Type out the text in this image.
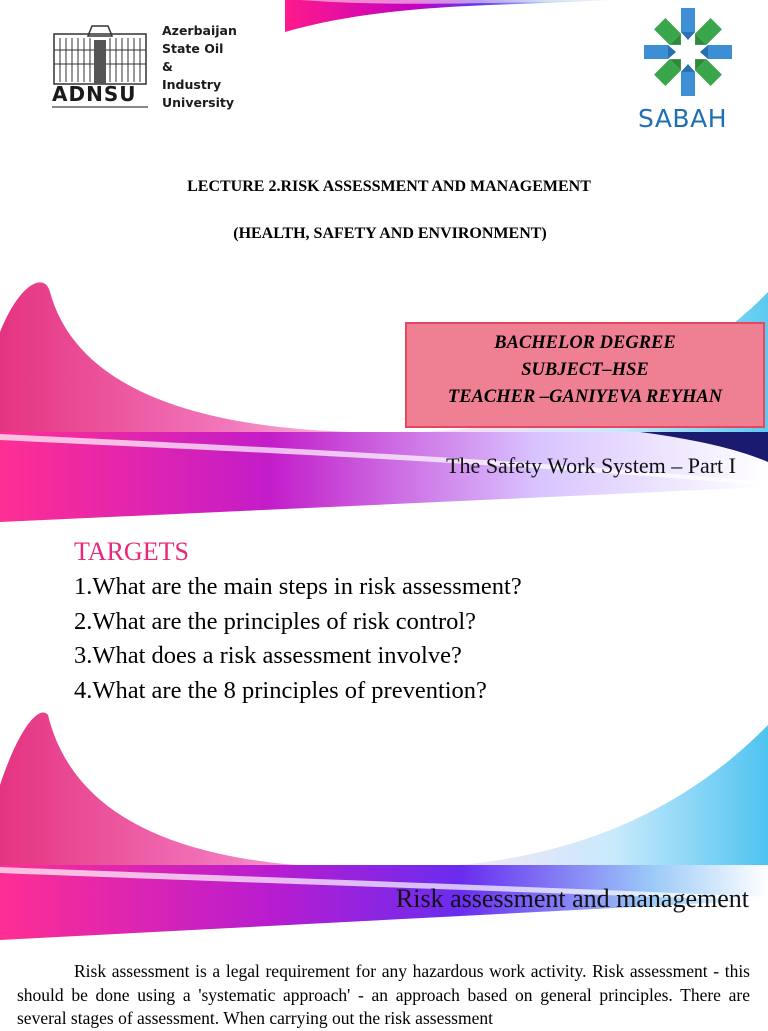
ADNSU
Azerbaijan
State Oil
&
Industry
University
SABAH
LECTURE 2.RISK ASSESSMENT AND MANAGEMENT
(HEALTH, SAFETY AND ENVIRONMENT)
BACHELOR DEGREE
SUBJECT–HSE
TEACHER –GANIYEVA REYHAN
The Safety Work System – Part I
TARGETS
1.What are the main steps in risk assessment?
2.What are the principles of risk control?
3.What does a risk assessment involve?
4.What are the 8 principles of prevention?
Risk assessment and management

Risk assessment is a legal requirement for any hazardous work activity. Risk assessment - this should be done using a 'systematic approach' - an approach based on general principles. There are several stages of assessment. When carrying out the risk assessment
